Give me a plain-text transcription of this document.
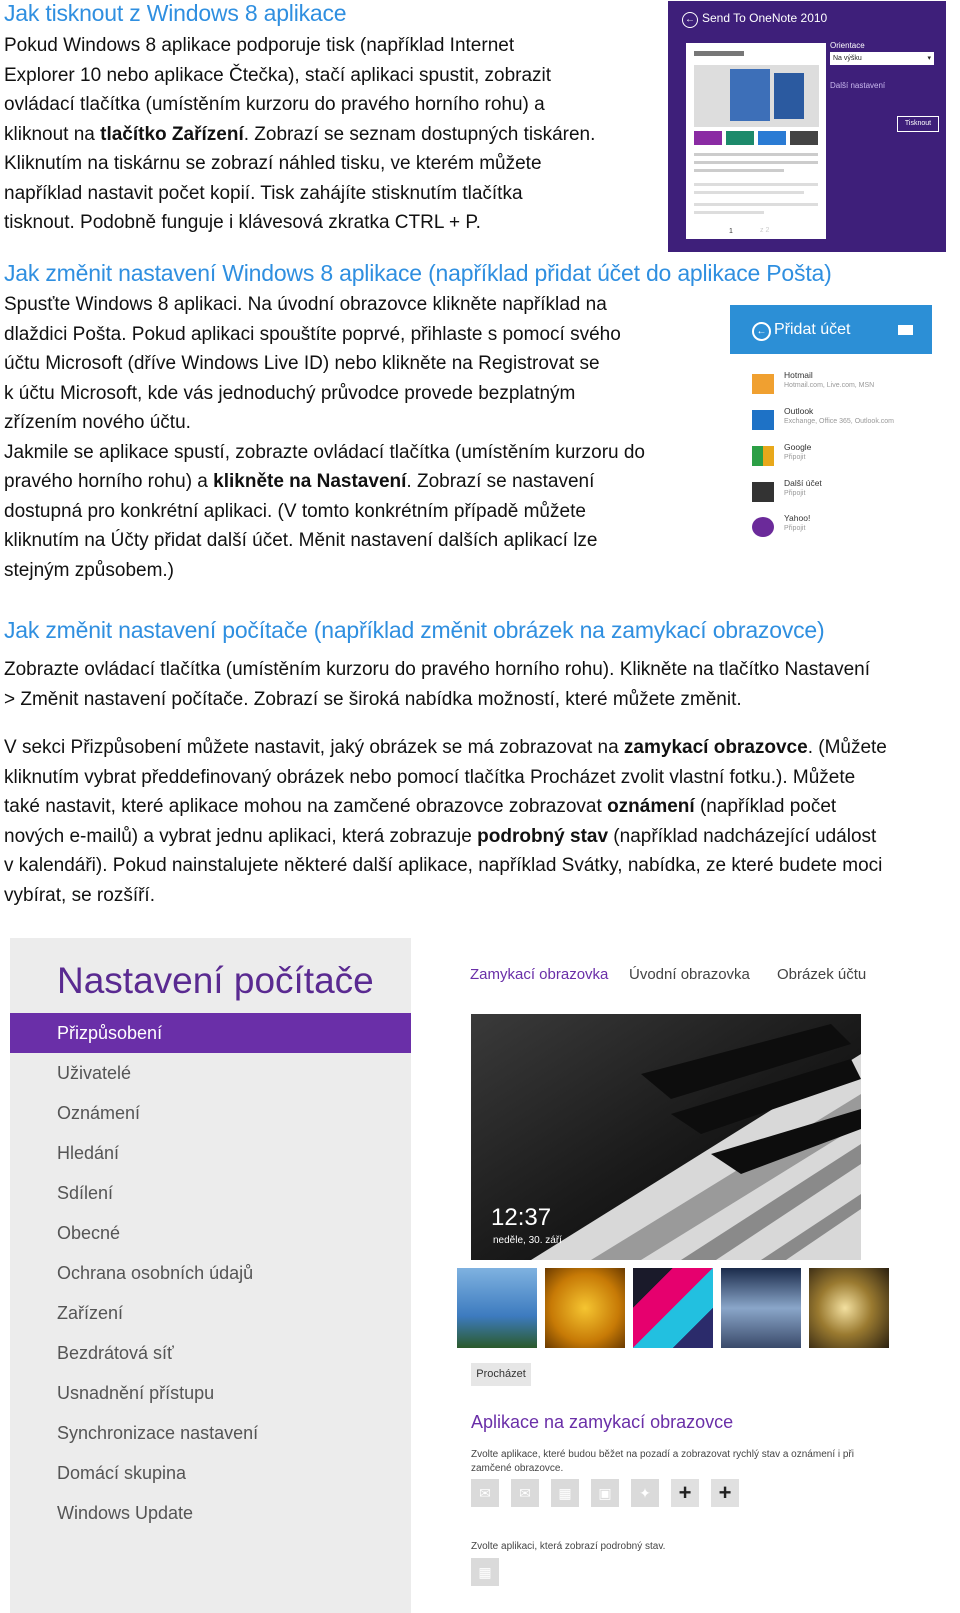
Jak tisknout z Windows 8 aplikace
Pokud Windows 8 aplikace podporuje tisk (například Internet
Explorer 10 nebo aplikace Čtečka), stačí aplikaci spustit, zobrazit
ovládací tlačítka (umístěním kurzoru do pravého horního rohu) a
kliknout na tlačítko Zařízení. Zobrazí se seznam dostupných tiskáren.
Kliknutím na tiskárnu se zobrazí náhled tisku, ve kterém můžete
například nastavit počet kopií. Tisk zahájíte stisknutím tlačítka
tisknout. Podobně funguje i klávesová zkratka CTRL + P.
← Send To OneNote 2010
Orientace
Na výšku	▾
Další nastavení
Tisknout
1	z 2
Jak změnit nastavení Windows 8 aplikace (například přidat účet do aplikace Pošta)
Spusťte Windows 8 aplikaci. Na úvodní obrazovce klikněte například na
dlaždici Pošta. Pokud aplikaci spouštíte poprvé, přihlaste s pomocí svého
účtu Microsoft (dříve Windows Live ID) nebo klikněte na Registrovat se
k účtu Microsoft, kde vás jednoduchý průvodce provede bezplatným
zřízením nového účtu.
Jakmile se aplikace spustí, zobrazte ovládací tlačítka (umístěním kurzoru do
pravého horního rohu) a klikněte na Nastavení. Zobrazí se nastavení
dostupná pro konkrétní aplikaci. (V tomto konkrétním případě můžete
kliknutím na Účty přidat další účet. Měnit nastavení dalších aplikací lze
stejným způsobem.)
← Přidat účet
Hotmail
Hotmail.com, Live.com, MSN
Outlook
Exchange, Office 365, Outlook.com
Google
Připojit
Další účet
Připojit
Yahoo!
Připojit
Jak změnit nastavení počítače (například změnit obrázek na zamykací obrazovce)
Zobrazte ovládací tlačítka (umístěním kurzoru do pravého horního rohu). Klikněte na tlačítko Nastavení
> Změnit nastavení počítače. Zobrazí se široká nabídka možností, které můžete změnit.
V sekci Přizpůsobení můžete nastavit, jaký obrázek se má zobrazovat na zamykací obrazovce. (Můžete
kliknutím vybrat předdefinovaný obrázek nebo pomocí tlačítka Procházet zvolit vlastní fotku.). Můžete
také nastavit, které aplikace mohou na zamčené obrazovce zobrazovat oznámení (například počet
nových e-mailů) a vybrat jednu aplikaci, která zobrazuje podrobný stav (například nadcházející událost
v kalendáři). Pokud nainstalujete některé další aplikace, například Svátky, nabídka, ze které budete moci
vybírat, se rozšíří.
Nastavení počítače
Přizpůsobení
Uživatelé
Oznámení
Hledání
Sdílení
Obecné
Ochrana osobních údajů
Zařízení
Bezdrátová síť
Usnadnění přístupu
Synchronizace nastavení
Domácí skupina
Windows Update
Zamykací obrazovka Úvodní obrazovka Obrázek účtu
12:37
neděle, 30. září
Procházet
Aplikace na zamykací obrazovce
Zvolte aplikace, které budou běžet na pozadí a zobrazovat rychlý stav a oznámení i při zamčené obrazovce.
✉	✉	▦	▣	✦	+	+
Zvolte aplikaci, která zobrazí podrobný stav.
▦
